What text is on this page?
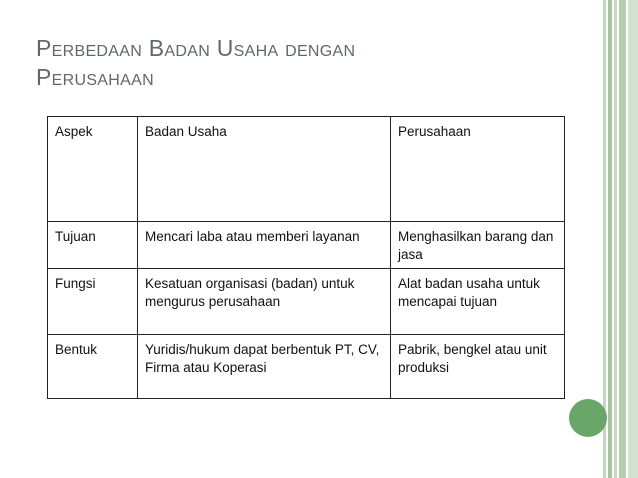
Perbedaan Badan Usaha dengan
Perusahaan
Aspek	Badan Usaha	Perusahaan
Tujuan	Mencari laba atau memberi layanan	Menghasilkan barang dan jasa
Fungsi	Kesatuan organisasi (badan) untuk mengurus perusahaan	Alat badan usaha untuk mencapai tujuan
Bentuk	Yuridis/hukum dapat berbentuk PT, CV, Firma atau Koperasi	Pabrik, bengkel atau unit produksi
